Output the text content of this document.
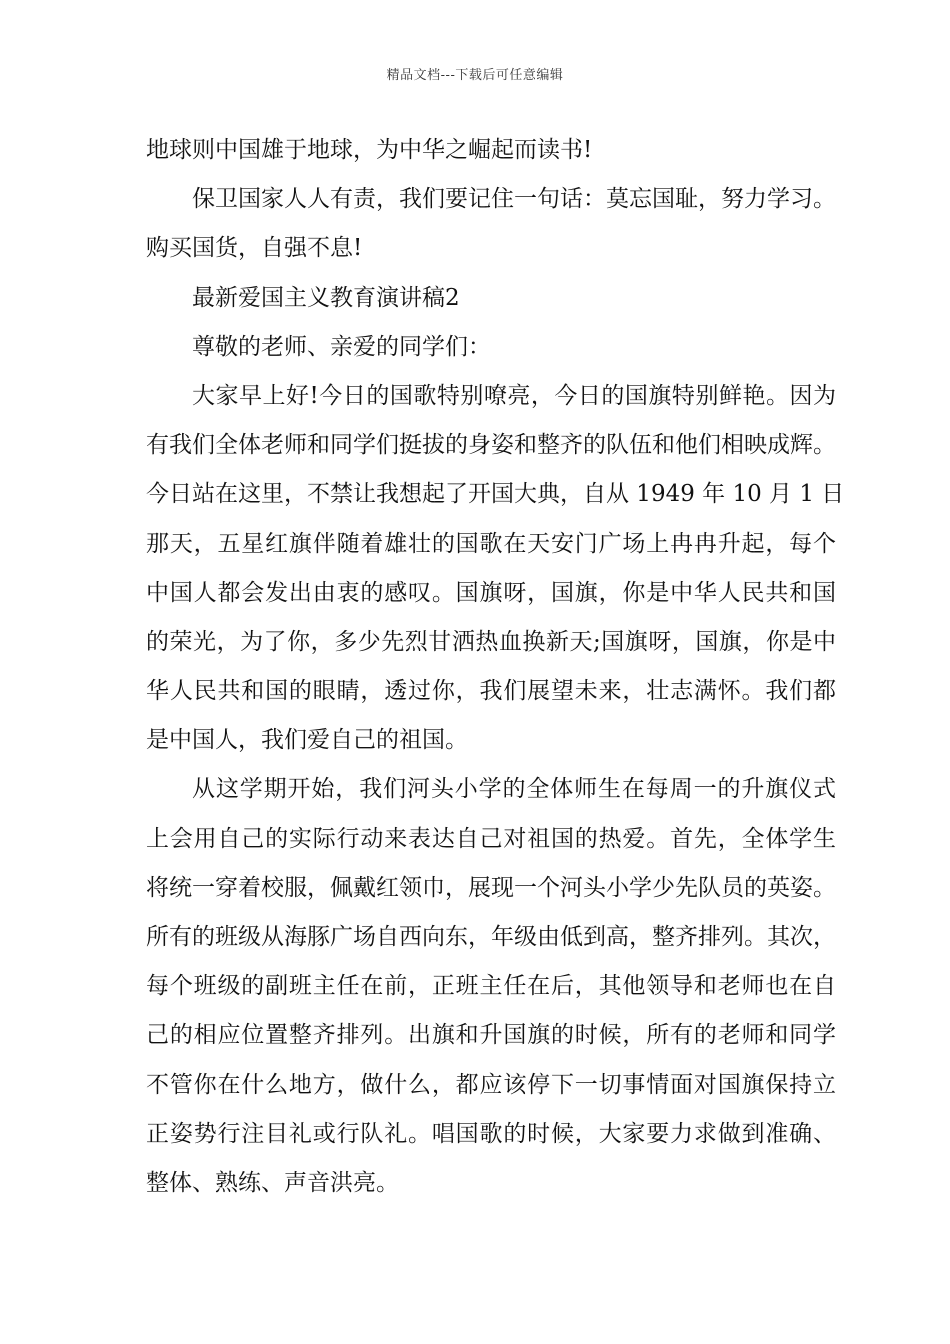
精品文档---下载后可任意编辑
地球则中国雄于地球，为中华之崛起而读书!
保卫国家人人有责，我们要记住一句话：莫忘国耻，努力学习。
购买国货，自强不息!
最新爱国主义教育演讲稿2
尊敬的老师、亲爱的同学们：
大家早上好!今日的国歌特别嘹亮，今日的国旗特别鲜艳。因为
有我们全体老师和同学们挺拔的身姿和整齐的队伍和他们相映成辉。
今日站在这里，不禁让我想起了开国大典，自从 1949 年 10 月 1 日
那天，五星红旗伴随着雄壮的国歌在天安门广场上冉冉升起，每个
中国人都会发出由衷的感叹。国旗呀，国旗，你是中华人民共和国
的荣光，为了你，多少先烈甘洒热血换新天;国旗呀，国旗，你是中
华人民共和国的眼睛，透过你，我们展望未来，壮志满怀。我们都
是中国人，我们爱自己的祖国。
从这学期开始，我们河头小学的全体师生在每周一的升旗仪式
上会用自己的实际行动来表达自己对祖国的热爱。首先，全体学生
将统一穿着校服，佩戴红领巾，展现一个河头小学少先队员的英姿。
所有的班级从海豚广场自西向东，年级由低到高，整齐排列。其次，
每个班级的副班主任在前，正班主任在后，其他领导和老师也在自
己的相应位置整齐排列。出旗和升国旗的时候，所有的老师和同学
不管你在什么地方，做什么，都应该停下一切事情面对国旗保持立
正姿势行注目礼或行队礼。唱国歌的时候，大家要力求做到准确、
整体、熟练、声音洪亮。
